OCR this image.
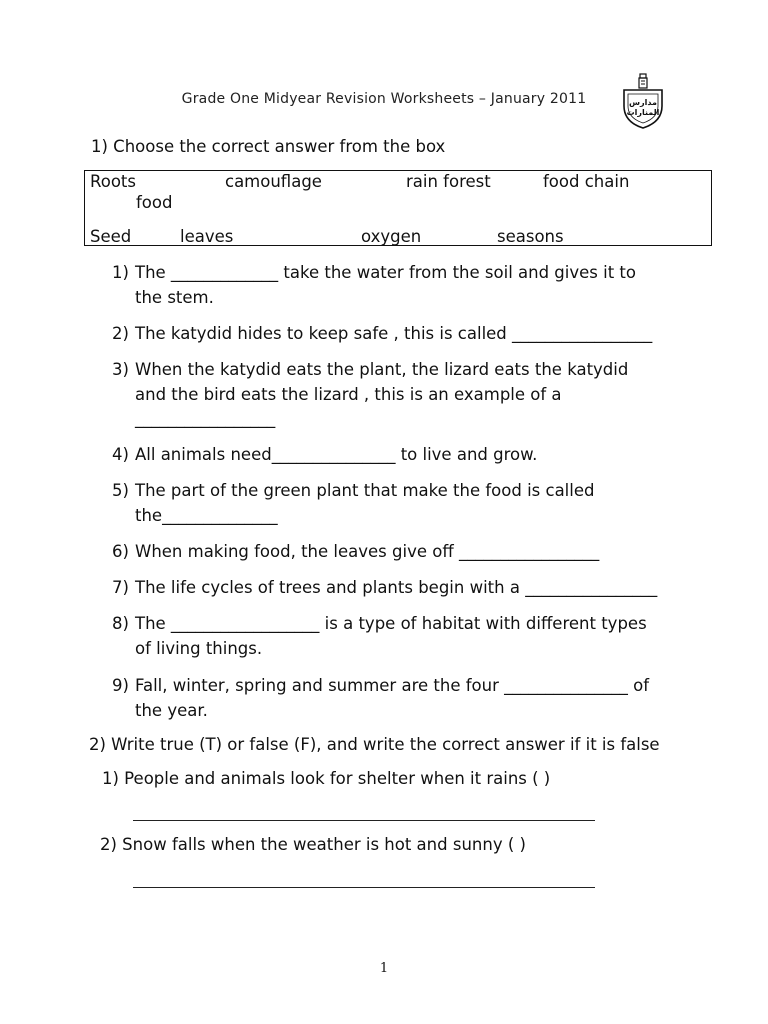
Grade One Midyear Revision Worksheets – January 2011	مدارس
المنارات
1) Choose the correct answer from the box
Roots	camouflage	rain forest	food chain
food
Seed	leaves	oxygen	seasons
1) The _____________ take the water from the soil and gives it to
the stem.
2) The katydid hides to keep safe , this is called _________________
3) When the katydid eats the plant, the lizard eats the katydid
and the bird eats the lizard , this is an example of a
_________________
4) All animals need_______________ to live and grow.
5) The part of the green plant that make the food is called
the______________
6) When making food, the leaves give off _________________
7) The life cycles of trees and plants begin with a ________________
8) The __________________ is a type of habitat with different types
of living things.
9) Fall, winter, spring and summer are the four _______________ of
the year.
2) Write true (T) or false (F), and write the correct answer if it is false
1) People and animals look for shelter when it rains ( )
2) Snow falls when the weather is hot and sunny ( )
1
